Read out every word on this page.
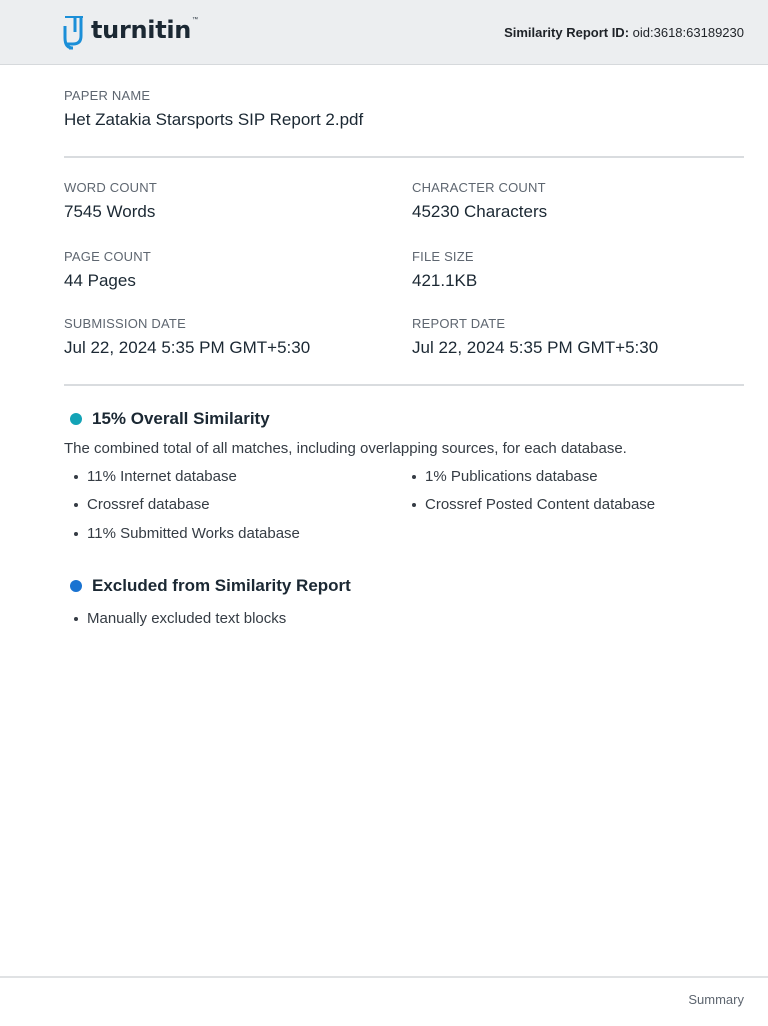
turnitin ™
Similarity Report ID: oid:3618:63189230
PAPER NAME
Het Zatakia Starsports SIP Report 2.pdf
WORD COUNT
7545 Words
CHARACTER COUNT
45230 Characters
PAGE COUNT
44 Pages
FILE SIZE
421.1KB
SUBMISSION DATE
Jul 22, 2024 5:35 PM GMT+5:30
REPORT DATE
Jul 22, 2024 5:35 PM GMT+5:30
15% Overall Similarity
The combined total of all matches, including overlapping sources, for each database.
11% Internet database
Crossref database
11% Submitted Works database
1% Publications database
Crossref Posted Content database
Excluded from Similarity Report
Manually excluded text blocks
Summary
